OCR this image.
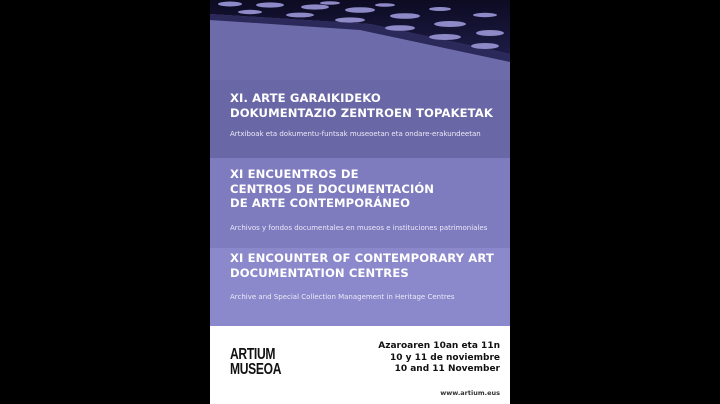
XI. ARTE GARAIKIDEKO
DOKUMENTAZIO ZENTROEN TOPAKETAK
Artxiboak eta dokumentu-funtsak museoetan eta ondare-erakundeetan
XI ENCUENTROS DE
CENTROS DE DOCUMENTACIÓN
DE ARTE CONTEMPORÁNEO
Archivos y fondos documentales en museos e instituciones patrimoniales
XI ENCOUNTER OF CONTEMPORARY ART
DOCUMENTATION CENTRES
Archive and Special Collection Management in Heritage Centres
ARTIUM
MUSEOA
Azaroaren 10an eta 11n
10 y 11 de noviembre
10 and 11 November
www.artium.eus
